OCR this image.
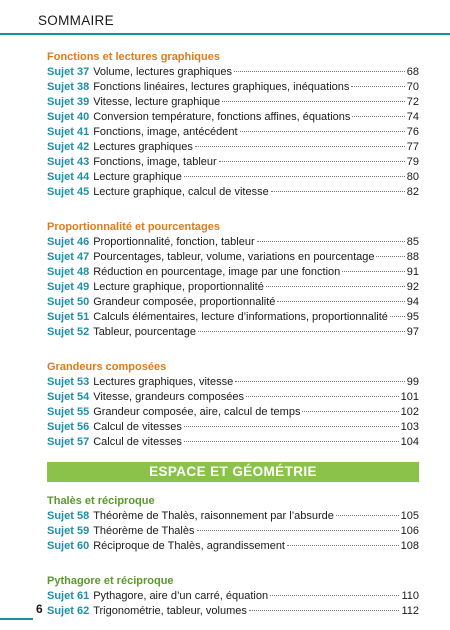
SOMMAIRE
Fonctions et lectures graphiques
Sujet 37 Volume, lectures graphiques	68
Sujet 38 Fonctions linéaires, lectures graphiques, inéquations	70
Sujet 39 Vitesse, lecture graphique	72
Sujet 40 Conversion température, fonctions affines, équations	74
Sujet 41 Fonctions, image, antécédent	76
Sujet 42 Lectures graphiques	77
Sujet 43 Fonctions, image, tableur	79
Sujet 44 Lecture graphique	80
Sujet 45 Lecture graphique, calcul de vitesse	82
Proportionnalité et pourcentages
Sujet 46 Proportionnalité, fonction, tableur	85
Sujet 47 Pourcentages, tableur, volume, variations en pourcentage	88
Sujet 48 Réduction en pourcentage, image par une fonction	91
Sujet 49 Lecture graphique, proportionnalité	92
Sujet 50 Grandeur composée, proportionnalité	94
Sujet 51 Calculs élémentaires, lecture d’informations, proportionnalité 95
Sujet 52 Tableur, pourcentage	97
Grandeurs composées
Sujet 53 Lectures graphiques, vitesse	99
Sujet 54 Vitesse, grandeurs composées	101
Sujet 55 Grandeur composée, aire, calcul de temps	102
Sujet 56 Calcul de vitesses	103
Sujet 57 Calcul de vitesses	104
ESPACE ET GÉOMÉTRIE
Thalès et réciproque
Sujet 58 Théorème de Thalès, raisonnement par l’absurde	105
Sujet 59 Théorème de Thalès	106
Sujet 60 Réciproque de Thalès, agrandissement	108
Pythagore et réciproque
Sujet 61 Pythagore, aire d’un carré, équation	110
Sujet 62 Trigonométrie, tableur, volumes	112
6
